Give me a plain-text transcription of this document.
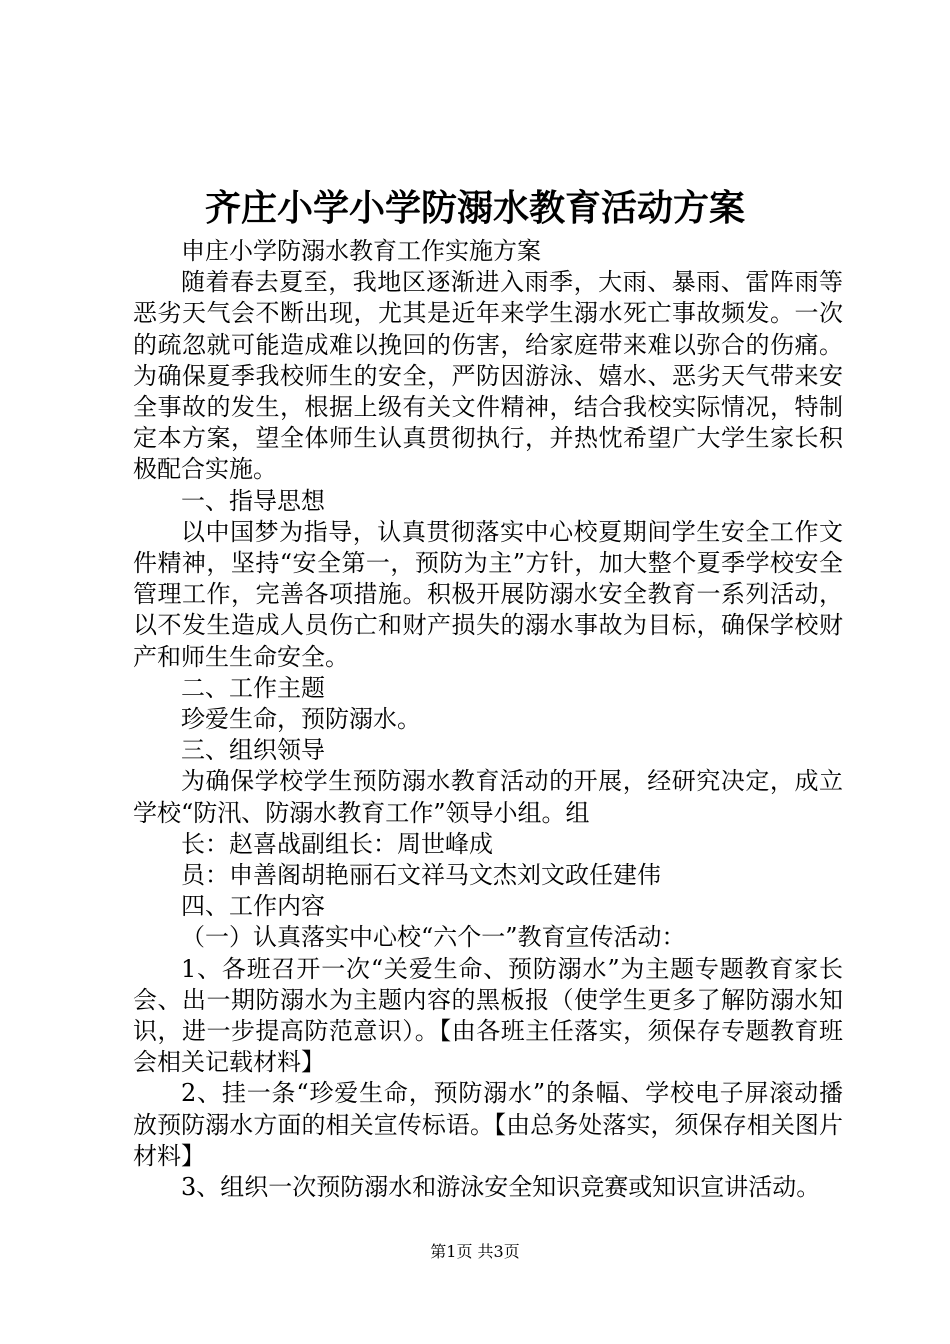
齐庄小学小学防溺水教育活动方案

申庄小学防溺水教育工作实施方案

随着春去夏至，我地区逐渐进入雨季，大雨、暴雨、雷阵雨等恶劣天气会不断出现，尤其是近年来学生溺水死亡事故频发。一次的疏忽就可能造成难以挽回的伤害，给家庭带来难以弥合的伤痛。为确保夏季我校师生的安全，严防因游泳、嬉水、恶劣天气带来安全事故的发生，根据上级有关文件精神，结合我校实际情况，特制定本方案，望全体师生认真贯彻执行，并热忱希望广大学生家长积极配合实施。

一、指导思想

以中国梦为指导，认真贯彻落实中心校夏期间学生安全工作文件精神，坚持“安全第一，预防为主”方针，加大整个夏季学校安全管理工作，完善各项措施。积极开展防溺水安全教育一系列活动，以不发生造成人员伤亡和财产损失的溺水事故为目标，确保学校财产和师生生命安全。

二、工作主题

珍爱生命，预防溺水。

三、组织领导

为确保学校学生预防溺水教育活动的开展，经研究决定，成立学校“防汛、防溺水教育工作”领导小组。组

长：赵喜战副组长：周世峰成

员：申善阁胡艳丽石文祥马文杰刘文政任建伟

四、工作内容

（一）认真落实中心校“六个一”教育宣传活动：

1、各班召开一次“关爱生命、预防溺水”为主题专题教育家长会、出一期防溺水为主题内容的黑板报（使学生更多了解防溺水知识，进一步提高防范意识）。【由各班主任落实，须保存专题教育班会相关记载材料】

2、挂一条“珍爱生命，预防溺水”的条幅、学校电子屏滚动播放预防溺水方面的相关宣传标语。【由总务处落实，须保存相关图片材料】

3、组织一次预防溺水和游泳安全知识竞赛或知识宣讲活动。

第1页 共3页
